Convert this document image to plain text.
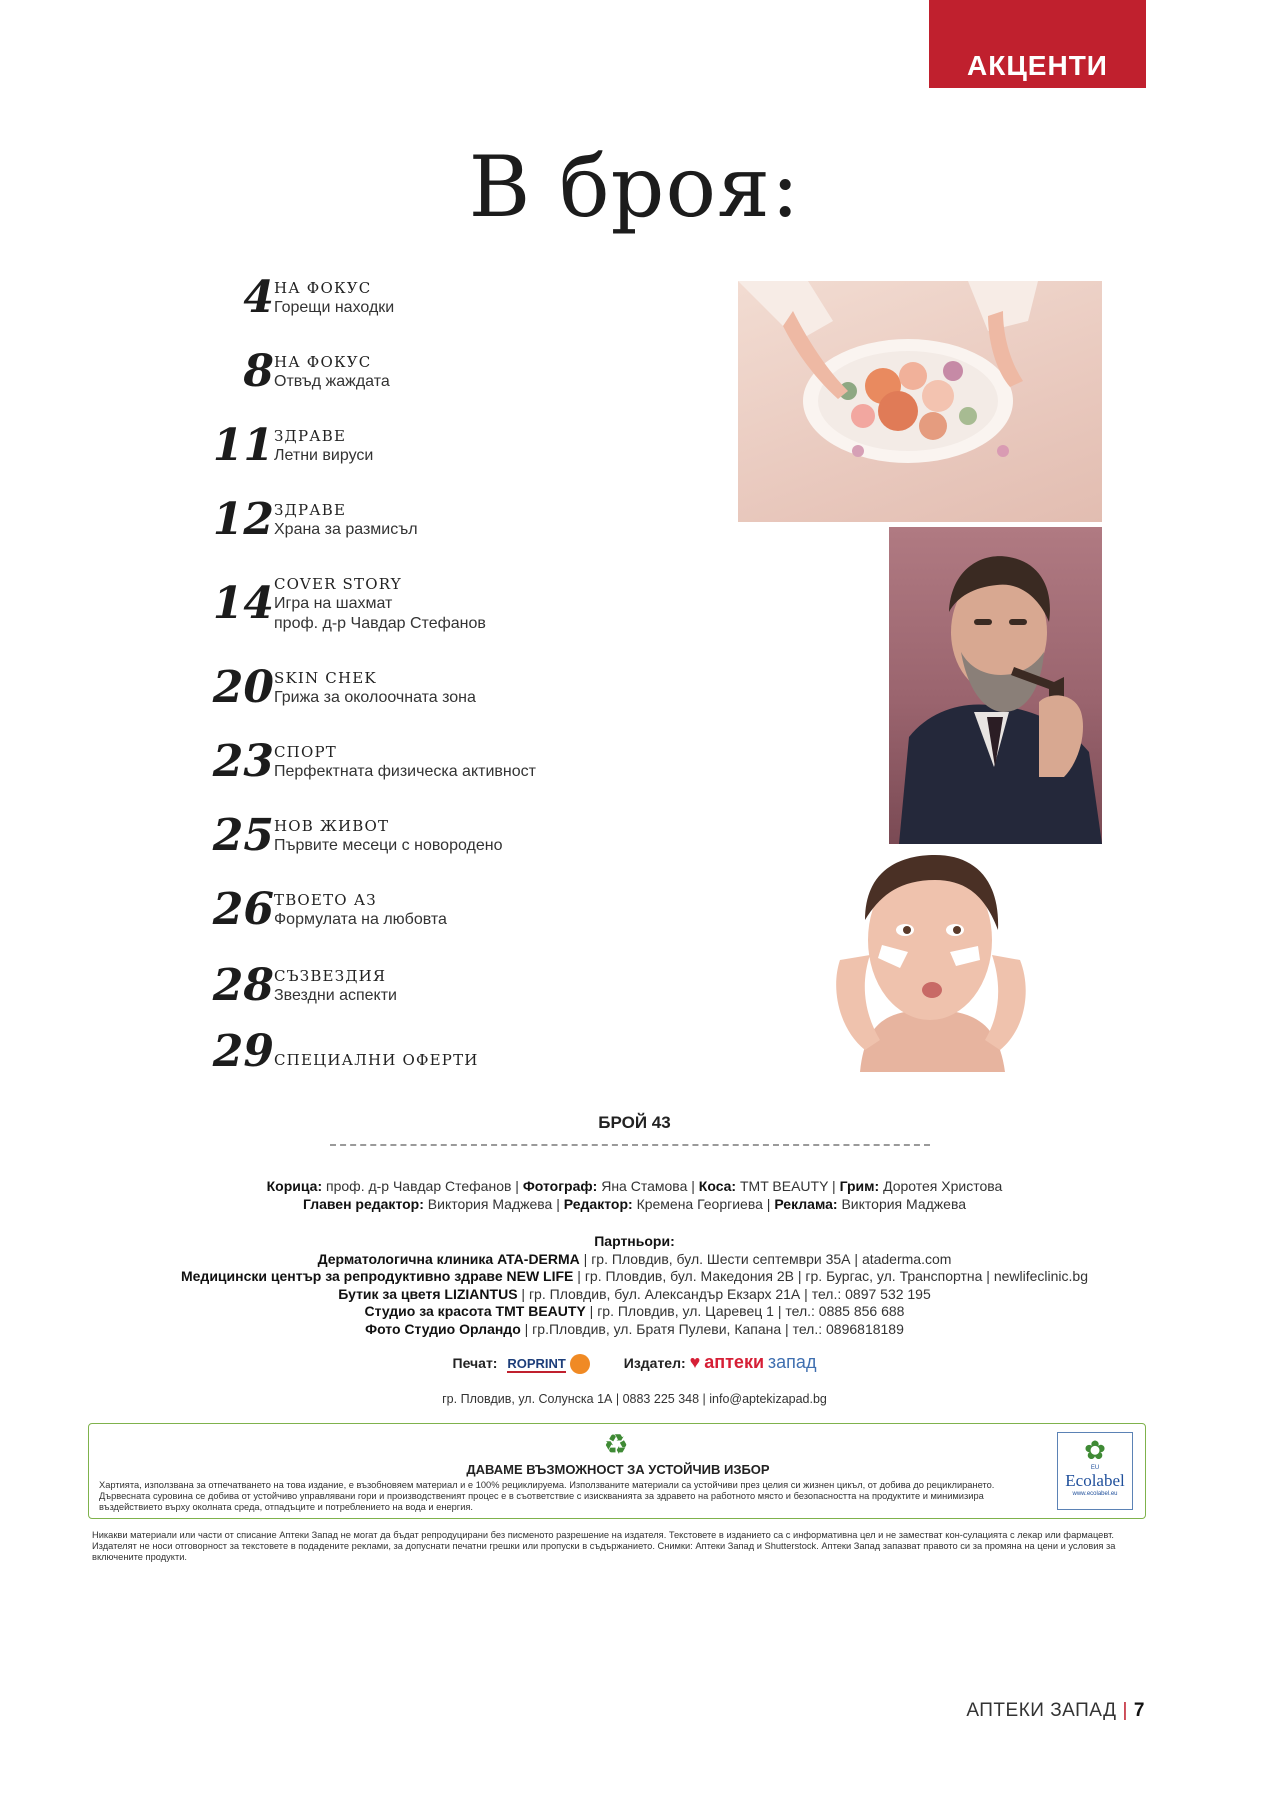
АКЦЕНТИ
В броя:
4 НА ФОКУС
Горещи находки
8 НА ФОКУС
Отвъд жаждата
11 ЗДРАВЕ
Летни вируси
12 ЗДРАВЕ
Храна за размисъл
14 COVER STORY
Игра на шахмат
проф. д-р Чавдар Стефанов
20 SKIN CHEK
Грижа за околоочната зона
23 СПОРТ
Перфектната физическа активност
25 НОВ ЖИВОТ
Първите месеци с новородено
26 ТВОЕТО АЗ
Формулата на любовта
28 СЪЗВЕЗДИЯ
Звездни аспекти
29 СПЕЦИАЛНИ ОФЕРТИ
БРОЙ 43
Корица: проф. д-р Чавдар Стефанов | Фотограф: Яна Стамова | Коса: TMT BEAUTY | Грим: Доротея Христова
Главен редактор: Виктория Маджева | Редактор: Кремена Георгиева | Реклама: Виктория Маджева
Партньори:
Дерматологична клиника ATA-DERMA | гр. Пловдив, бул. Шести септември 35А | ataderma.com
Медицински център за репродуктивно здраве NEW LIFE | гр. Пловдив, бул. Македония 2В | гр. Бургас, ул. Транспортна | newlifeclinic.bg
Бутик за цветя LIZIANTUS | гр. Пловдив, бул. Александър Екзарх 21А | тел.: 0897 532 195
Студио за красота TMT BEAUTY | гр. Пловдив, ул. Царевец 1 | тел.: 0885 856 688
Фото Студио Орландо | гр.Пловдив, ул. Братя Пулеви, Капана | тел.: 0896818189
Печат: ROPRINT	Издател: ♥ аптеки запад
гр. Пловдив, ул. Солунска 1А | 0883 225 348 | info@aptekizapad.bg
♻
ДАВАМЕ ВЪЗМОЖНОСТ ЗА УСТОЙЧИВ ИЗБОР
Хартията, използвана за отпечатването на това издание, е възобновяем материал и е 100% рециклируема. Използваните материали са устойчиви през целия си жизнен цикъл, от добива до рециклирането. Дървесната суровина се добива от устойчиво управлявани гори и производственият процес е в съответствие с изискванията за здравето на работното място и безопасността на продуктите и минимизира въздействието върху околната среда, отпадъците и потреблението на вода и енергия.
✿
EU
Ecolabel
www.ecolabel.eu
Никакви материали или части от списание Аптеки Запад не могат да бъдат репродуцирани без писменото разрешение на издателя. Текстовете в изданието са с информативна цел и не заместват кон-сулацията с лекар или фармацевт. Издателят не носи отговорност за текстовете в подадените реклами, за допуснати печатни грешки или пропуски в съдържанието. Снимки: Аптеки Запад и Shutterstock. Аптеки Запад запазват правото си за промяна на цени и условия за включените продукти.
АПТЕКИ ЗАПАД | 7
